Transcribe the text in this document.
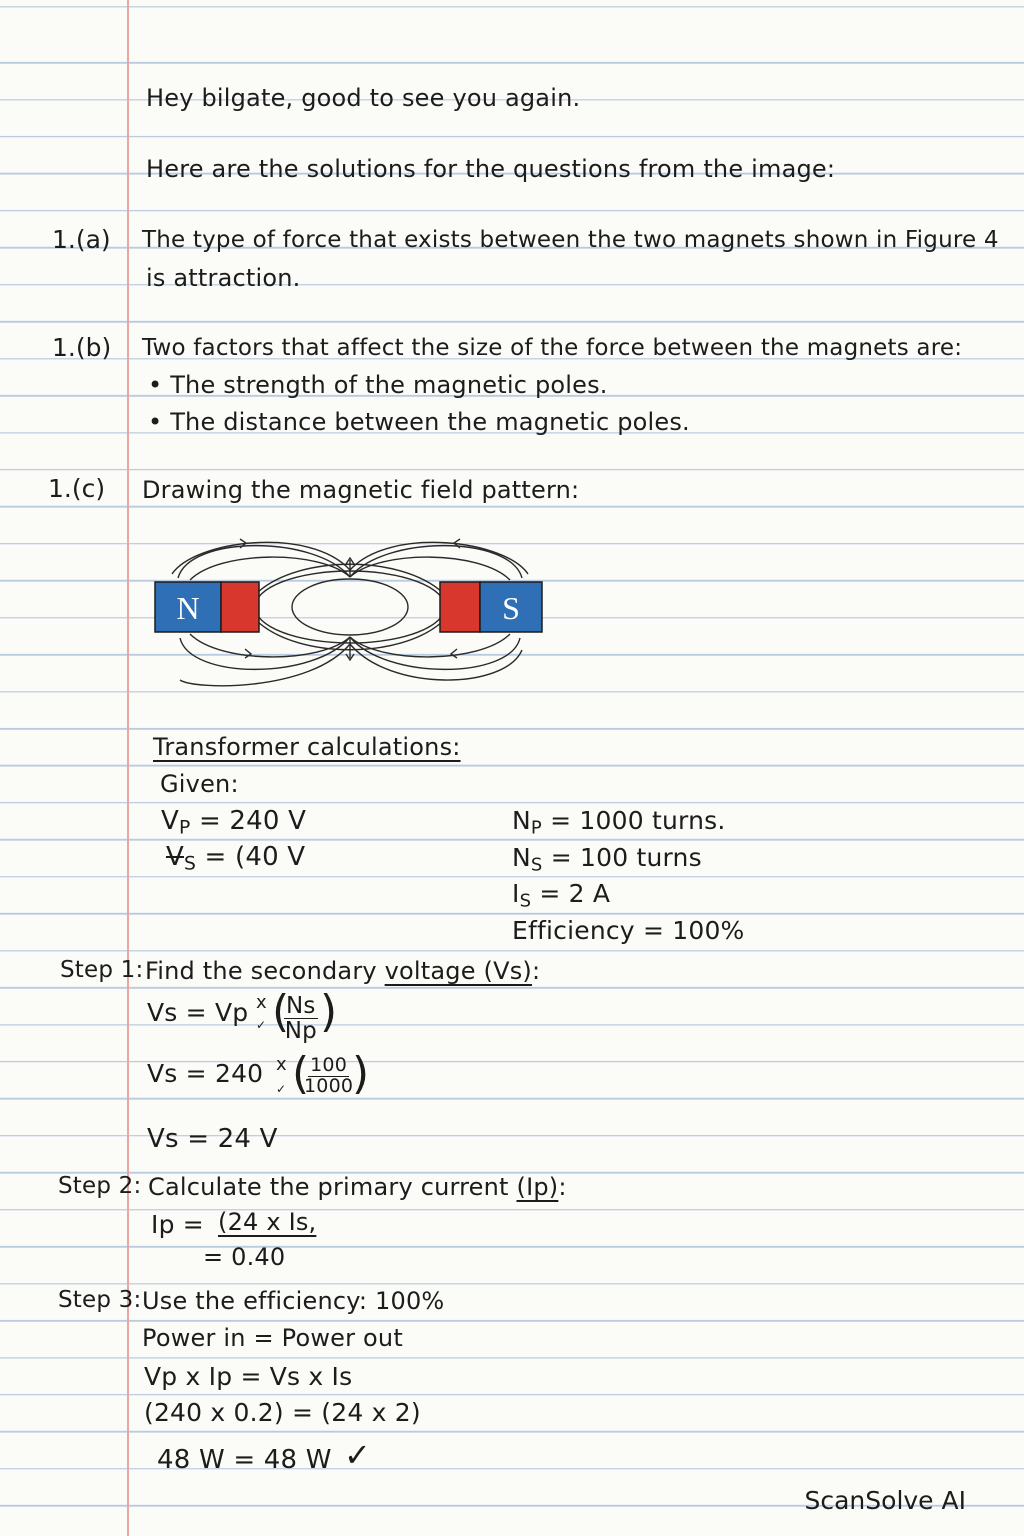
Hey bilgate, good to see you again.
Here are the solutions for the questions from the image:
1.(a) The type of force that exists between the two magnets shown in Figure 4
is attraction.
1.(b) Two factors that affect the size of the force between the magnets are:
• The strength of the magnetic poles.
• The distance between the magnetic poles.
1.(c) Drawing the magnetic field pattern:
N	S
Transformer calculations:
Given:
$V_P = 240$ V
$V_S = (40$ V
$N_P = 1000$ turns.
$N_S = 100$ turns
$I_S = 2$ A
Efficiency = 100%
Step 1: Find the secondary voltage (Vs):
Vs = Vp x
✓ (
$\frac{Ns}{Np}$ )
Vs = 240 x
✓ (
$\frac{100}{1000}$
)
Vs = 24 V
Step 2: Calculate the primary current (Ip):
Ip = (24 x Is,
= 0.40
Step 3: Use the efficiency: 100%
Power in = Power out
Vp x Ip = Vs x Is
(240 x 0.2) = (24 x 2)
48 W = 48 W ✓
ScanSolve AI
